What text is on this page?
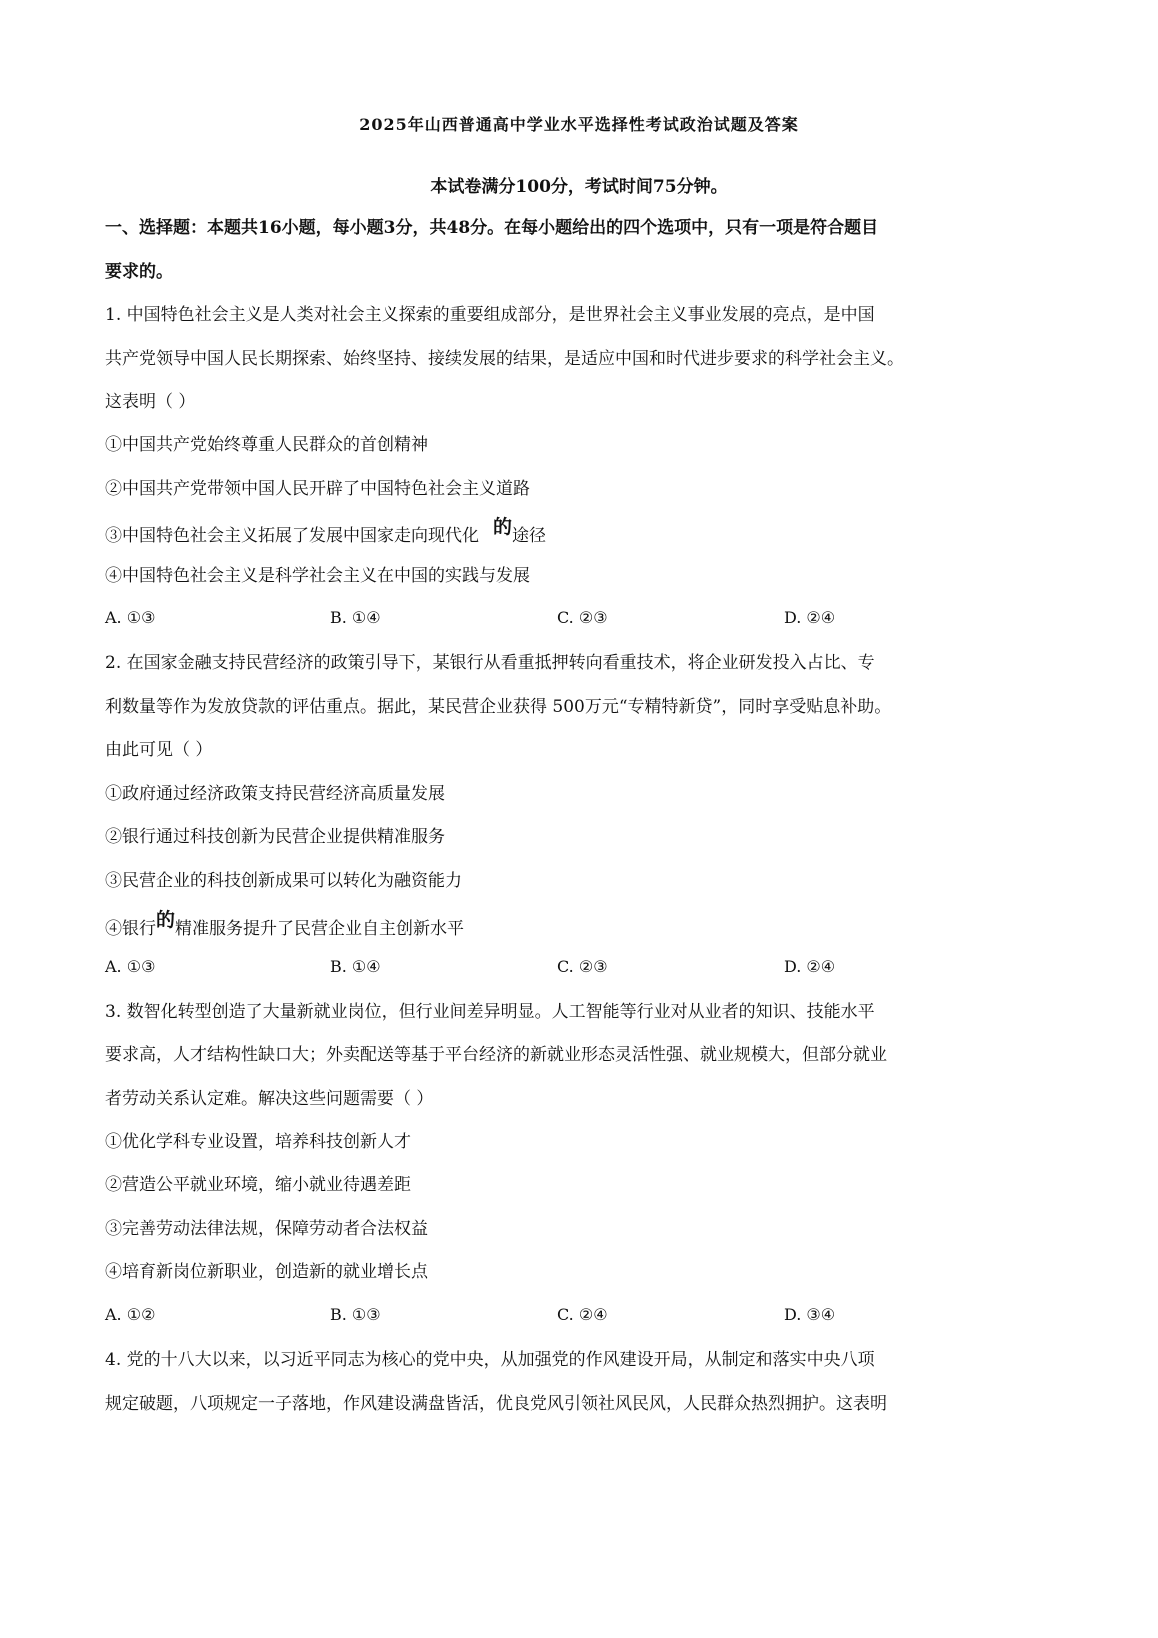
2025年山西普通高中学业水平选择性考试政治试题及答案
本试卷满分100分，考试时间75分钟。
一、选择题：本题共16小题，每小题3分，共48分。在每小题给出的四个选项中，只有一项是符合题目
要求的。
1. 中国特色社会主义是人类对社会主义探索的重要组成部分，是世界社会主义事业发展的亮点，是中国
共产党领导中国人民长期探索、始终坚持、接续发展的结果，是适应中国和时代进步要求的科学社会主义。
这表明（ ）
①中国共产党始终尊重人民群众的首创精神
②中国共产党带领中国人民开辟了中国特色社会主义道路
③中国特色社会主义拓展了发展中国家走向现代化 的途径
④中国特色社会主义是科学社会主义在中国的实践与发展
A. ①③	B. ①④	C. ②③	D. ②④
2. 在国家金融支持民营经济的政策引导下，某银行从看重抵押转向看重技术，将企业研发投入占比、专
利数量等作为发放贷款的评估重点。据此，某民营企业获得 500万元“专精特新贷”，同时享受贴息补助。
由此可见（ ）
①政府通过经济政策支持民营经济高质量发展
②银行通过科技创新为民营企业提供精准服务
③民营企业的科技创新成果可以转化为融资能力
④银行的精准服务提升了民营企业自主创新水平
A. ①③	B. ①④	C. ②③	D. ②④
3. 数智化转型创造了大量新就业岗位，但行业间差异明显。人工智能等行业对从业者的知识、技能水平
要求高，人才结构性缺口大；外卖配送等基于平台经济的新就业形态灵活性强、就业规模大，但部分就业
者劳动关系认定难。解决这些问题需要（ ）
①优化学科专业设置，培养科技创新人才
②营造公平就业环境，缩小就业待遇差距
③完善劳动法律法规，保障劳动者合法权益
④培育新岗位新职业，创造新的就业增长点
A. ①②	B. ①③	C. ②④	D. ③④
4. 党的十八大以来，以习近平同志为核心的党中央，从加强党的作风建设开局，从制定和落实中央八项
规定破题，八项规定一子落地，作风建设满盘皆活，优良党风引领社风民风，人民群众热烈拥护。这表明
